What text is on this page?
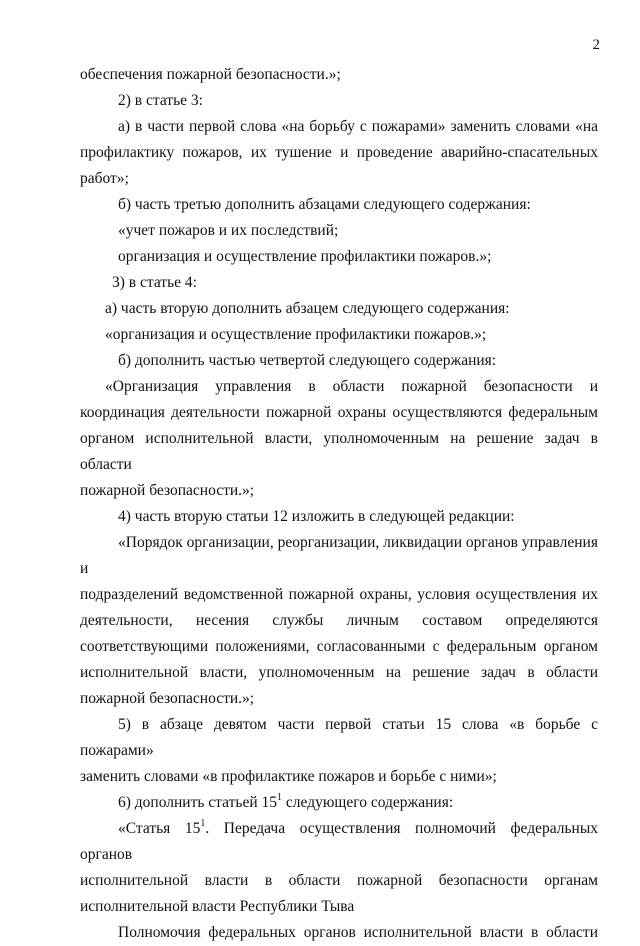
2

обеспечения пожарной безопасности.»;

2) в статье 3:

а) в части первой слова «на борьбу с пожарами» заменить словами «на

профилактику пожаров, их тушение и проведение аварийно-спасательных

работ»;

б) часть третью дополнить абзацами следующего содержания:

«учет пожаров и их последствий;

организация и осуществление профилактики пожаров.»;

3) в статье 4:

а) часть вторую дополнить абзацем следующего содержания:

«организация и осуществление профилактики пожаров.»;

б) дополнить частью четвертой следующего содержания:

«Организация управления в области пожарной безопасности и

координация деятельности пожарной охраны осуществляются федеральным

органом исполнительной власти, уполномоченным на решение задач в области

пожарной безопасности.»;

4) часть вторую статьи 12 изложить в следующей редакции:

«Порядок организации, реорганизации, ликвидации органов управления и

подразделений ведомственной пожарной охраны, условия осуществления их

деятельности, несения службы личным составом определяются

соответствующими положениями, согласованными с федеральным органом

исполнительной власти, уполномоченным на решение задач в области

пожарной безопасности.»;

5) в абзаце девятом части первой статьи 15 слова «в борьбе с пожарами»

заменить словами «в профилактике пожаров и борьбе с ними»;

6) дополнить статьей $15^1$ следующего содержания:

«Статья $15^1$. Передача осуществления полномочий федеральных органов

исполнительной власти в области пожарной безопасности органам

исполнительной власти Республики Тыва

Полномочия федеральных органов исполнительной власти в области
